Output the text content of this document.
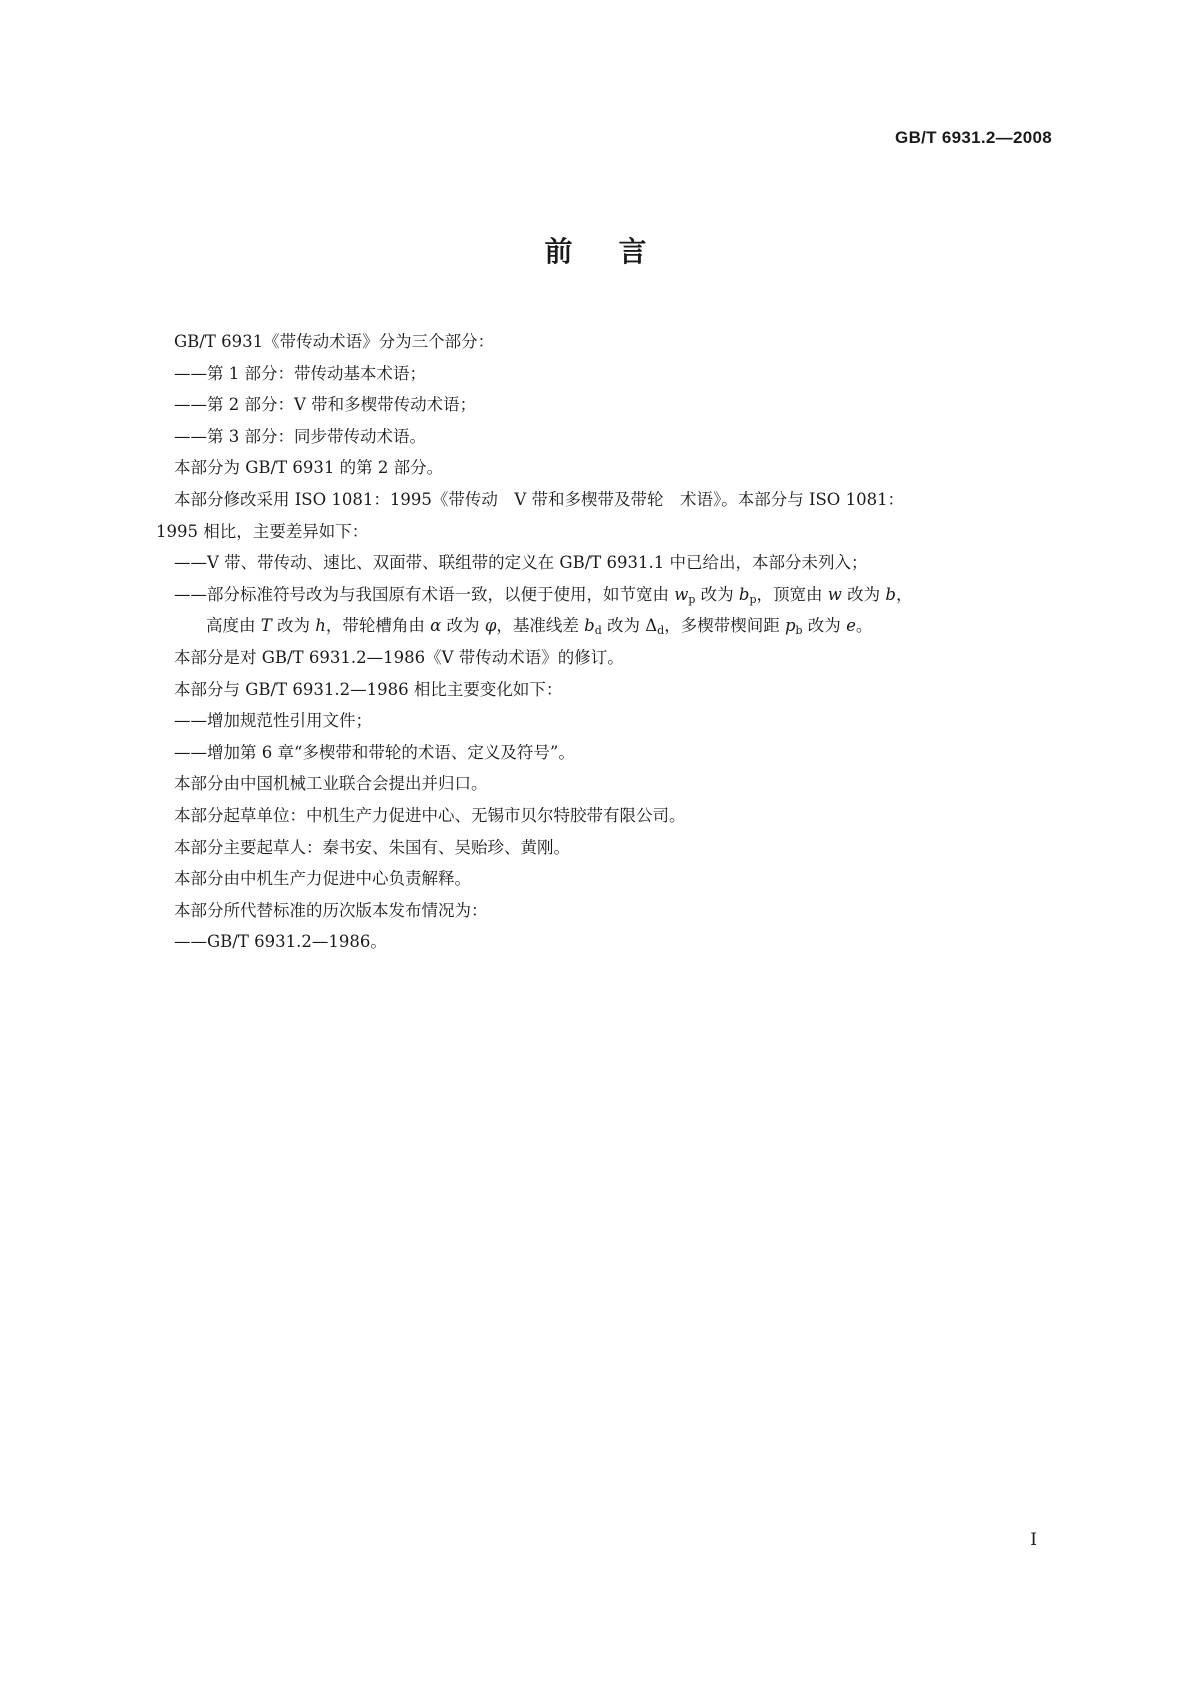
GB/T 6931.2—2008
前言
GB/T 6931《带传动术语》分为三个部分：
——第 1 部分：带传动基本术语；
——第 2 部分：V 带和多楔带传动术语；
——第 3 部分：同步带传动术语。
本部分为 GB/T 6931 的第 2 部分。
本部分修改采用 ISO 1081：1995《带传动　V 带和多楔带及带轮　术语》。本部分与 ISO 1081：
1995 相比，主要差异如下：
——V 带、带传动、速比、双面带、联组带的定义在 GB/T 6931.1 中已给出，本部分未列入；
——部分标准符号改为与我国原有术语一致，以便于使用，如节宽由 $w_p$ 改为 $b_p$，顶宽由 w 改为 b，
高度由 T 改为 h，带轮槽角由 α 改为 φ，基准线差 $b_d$ 改为 $\Delta_d$，多楔带楔间距 $p_b$ 改为 e。
本部分是对 GB/T 6931.2—1986《V 带传动术语》的修订。
本部分与 GB/T 6931.2—1986 相比主要变化如下：
——增加规范性引用文件；
——增加第 6 章“多楔带和带轮的术语、定义及符号”。
本部分由中国机械工业联合会提出并归口。
本部分起草单位：中机生产力促进中心、无锡市贝尔特胶带有限公司。
本部分主要起草人：秦书安、朱国有、吴贻珍、黄刚。
本部分由中机生产力促进中心负责解释。
本部分所代替标准的历次版本发布情况为：
——GB/T 6931.2—1986。
I
